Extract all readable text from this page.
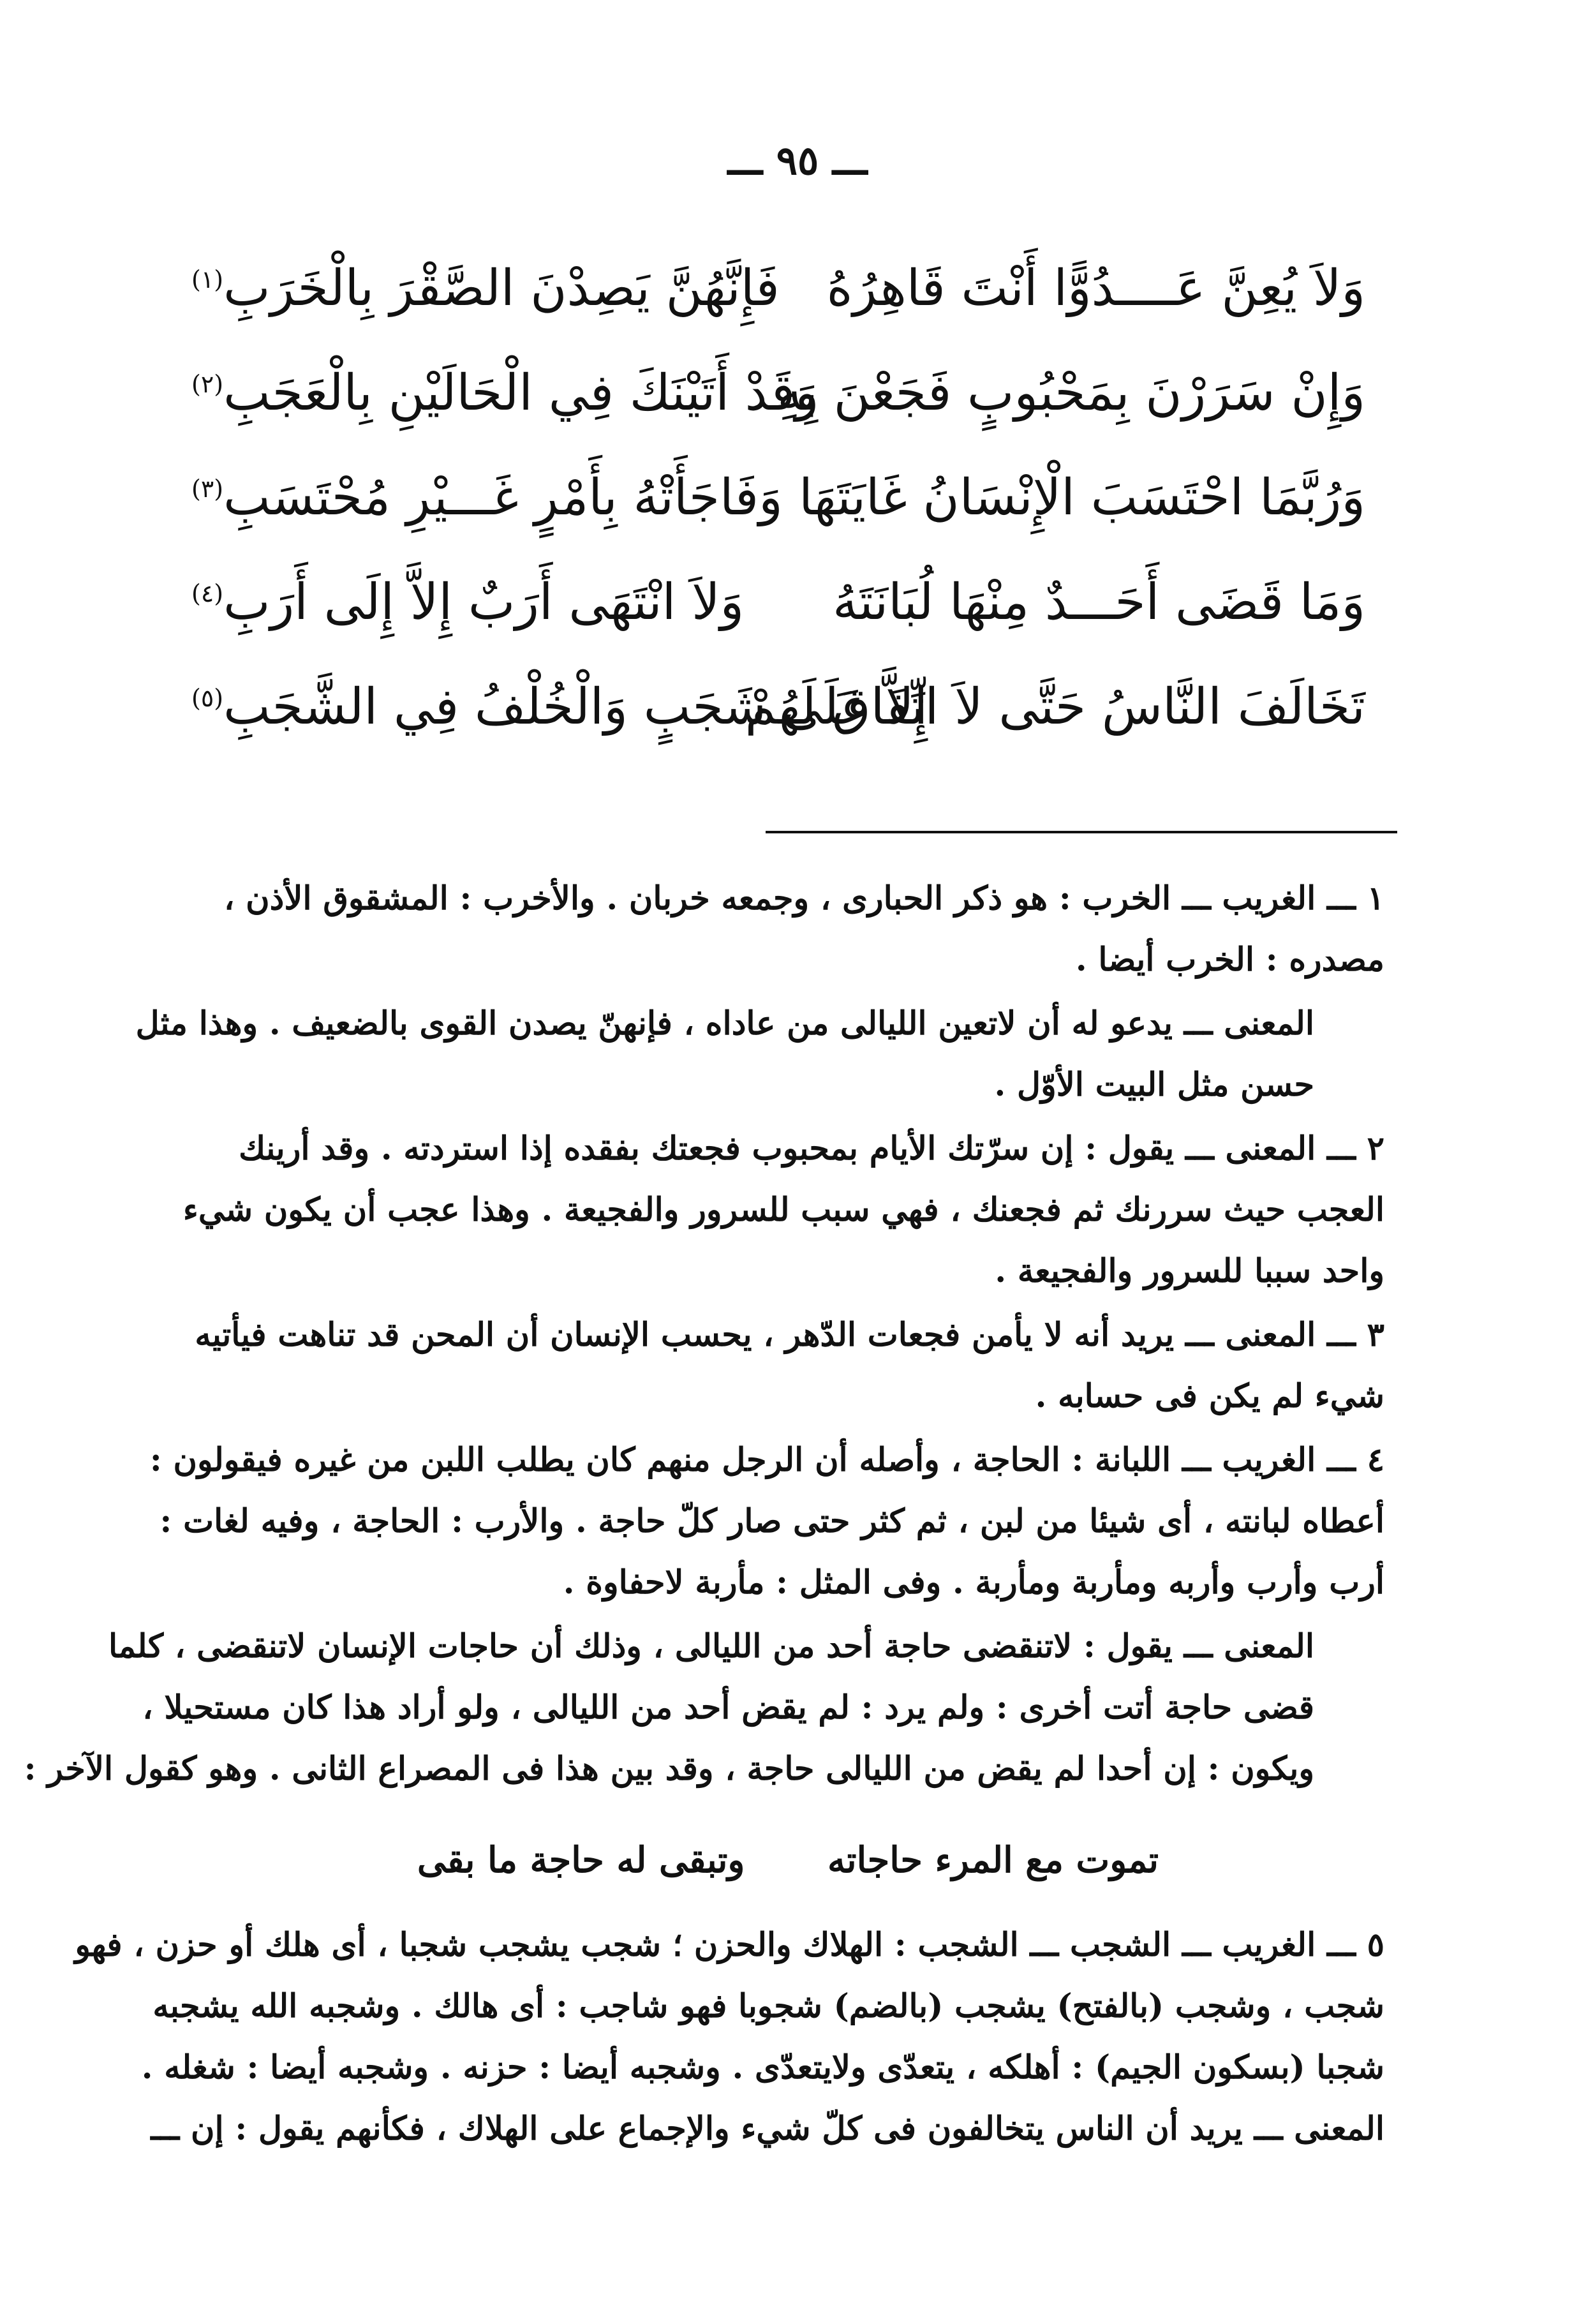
ـــ ٩٥ ـــ
وَلاَ يُعِنَّ عَــــدُوًّا أَنْتَ قَاهِرُهُ
فَإِنَّهُنَّ يَصِدْنَ الصَّقْرَ بِالْخَرَبِ$^{(١)}$
وَإِنْ سَرَرْنَ بِمَحْبُوبٍ فَجَعْنَ بِهِ
وَقَدْ أَتَيْنَكَ فِي الْحَالَيْنِ بِالْعَجَبِ$^{(٢)}$
وَرُبَّمَا احْتَسَبَ الْإِنْسَانُ غَايَتَهَا
وَفَاجَأَتْهُ بِأَمْرٍ غَـــيْرِ مُحْتَسَبِ$^{(٣)}$
وَمَا قَضَى أَحَـــدٌ مِنْهَا لُبَانَتَهُ
وَلاَ انْتَهَى أَرَبٌ إِلاَّ إِلَى أَرَبِ$^{(٤)}$
تَخَالَفَ النَّاسُ حَتَّى لاَ اتِّفَاقَ لَهُمْ
إِلاَّ عَلَى شَجَبٍ وَالْخُلْفُ فِي الشَّجَبِ$^{(٥)}$
١ ـــ الغريب ـــ الخرب : هو ذكر الحبارى ، وجمعه خربان . والأخرب : المشقوق الأذن ،
مصدره : الخرب أيضا .
المعنى ـــ يدعو له أن لاتعين الليالى من عاداه ، فإنهنّ يصدن القوى بالضعيف . وهذا مثل
حسن مثل البيت الأوّل .
٢ ـــ المعنى ـــ يقول : إن سرّتك الأيام بمحبوب فجعتك بفقده إذا استردته . وقد أرينك
العجب حيث سررنك ثم فجعنك ، فهي سبب للسرور والفجيعة . وهذا عجب أن يكون شيء
واحد سببا للسرور والفجيعة .
٣ ـــ المعنى ـــ يريد أنه لا يأمن فجعات الدّهر ، يحسب الإنسان أن المحن قد تناهت فيأتيه
شيء لم يكن فى حسابه .
٤ ـــ الغريب ـــ اللبانة : الحاجة ، وأصله أن الرجل منهم كان يطلب اللبن من غيره فيقولون :
أعطاه لبانته ، أى شيئا من لبن ، ثم كثر حتى صار كلّ حاجة . والأرب : الحاجة ، وفيه لغات :
أرب وأرب وأربه ومأربة ومأربة . وفى المثل : مأربة لاحفاوة .
المعنى ـــ يقول : لاتنقضى حاجة أحد من الليالى ، وذلك أن حاجات الإنسان لاتنقضى ، كلما
قضى حاجة أتت أخرى : ولم يرد : لم يقض أحد من الليالى ، ولو أراد هذا كان مستحيلا ،
ويكون : إن أحدا لم يقض من الليالى حاجة ، وقد بين هذا فى المصراع الثانى . وهو كقول الآخر :
تموت مع المرء حاجاته وتبقى له حاجة ما بقى
٥ ـــ الغريب ـــ الشجب ـــ الشجب : الهلاك والحزن ؛ شجب يشجب شجبا ، أى هلك أو حزن ، فهو
شجب ، وشجب (بالفتح) يشجب (بالضم) شجوبا فهو شاجب : أى هالك . وشجبه الله يشجبه
شجبا (بسكون الجيم) : أهلكه ، يتعدّى ولايتعدّى . وشجبه أيضا : حزنه . وشجبه أيضا : شغله .
المعنى ـــ يريد أن الناس يتخالفون فى كلّ شيء والإجماع على الهلاك ، فكأنهم يقول : إن ـــ
